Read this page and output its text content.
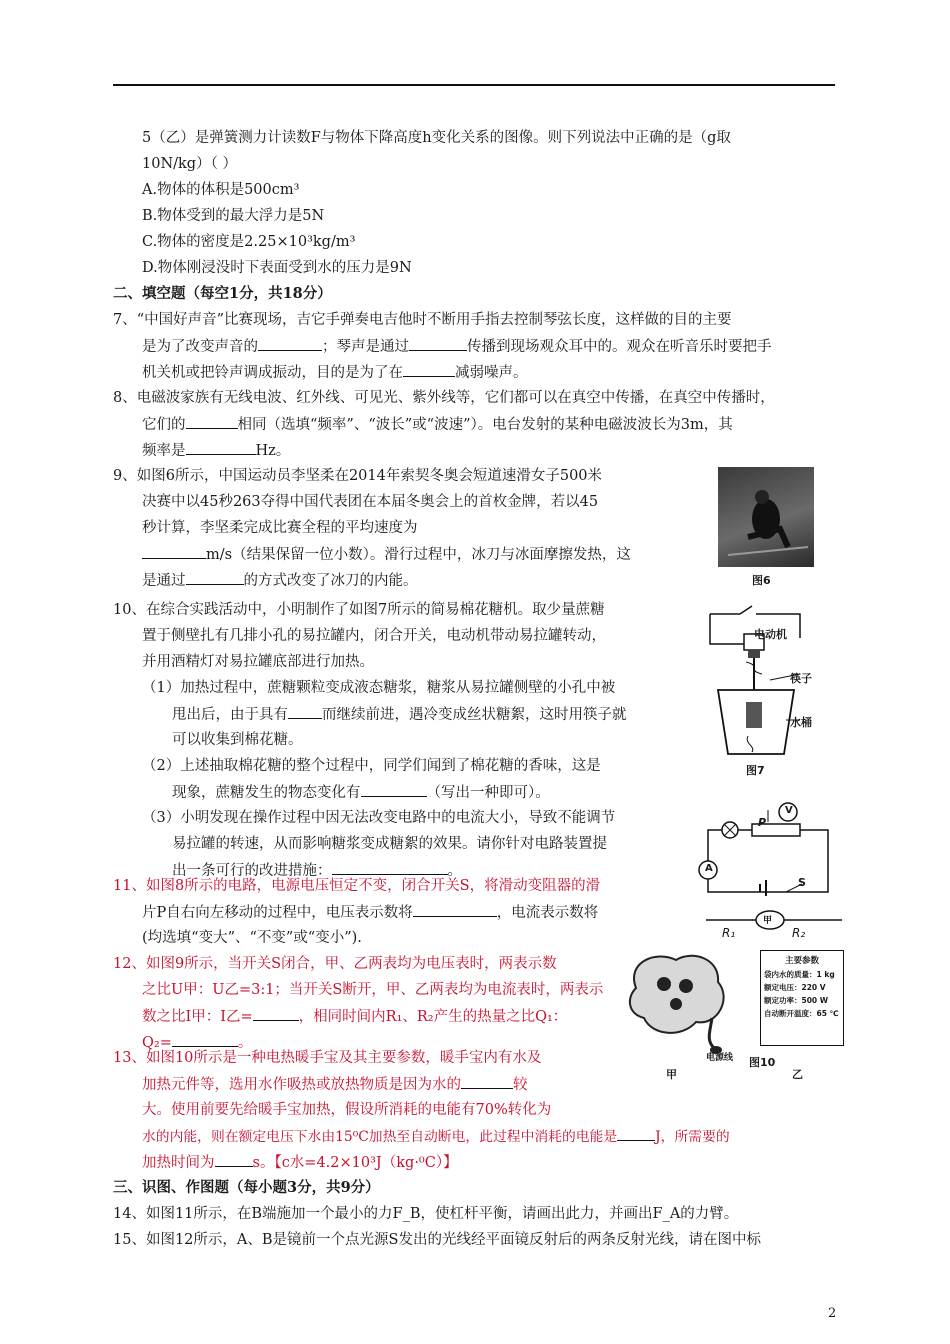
5（乙）是弹簧测力计读数F与物体下降高度h变化关系的图像。则下列说法中正确的是（g取
10N/kg）（ ）
A.物体的体积是500cm³
B.物体受到的最大浮力是5N
C.物体的密度是2.25×10³kg/m³
D.物体刚浸没时下表面受到水的压力是9N
二、填空题（每空1分，共18分）
7、“中国好声音”比赛现场，吉它手弹奏电吉他时不断用手指去控制琴弦长度，这样做的目的主要
是为了改变声音的	；琴声是通过	传播到现场观众耳中的。观众在听音乐时要把手
机关机或把铃声调成振动，目的是为了在	减弱噪声。
8、电磁波家族有无线电波、红外线、可见光、紫外线等，它们都可以在真空中传播，在真空中传播时，
它们的	相同（选填“频率”、“波长”或“波速”）。电台发射的某种电磁波波长为3m，其
频率是	Hz。
9、如图6所示，中国运动员李坚柔在2014年索契冬奥会短道速滑女子500米
决赛中以45秒263夺得中国代表团在本届冬奥会上的首枚金牌，若以45
秒计算，李坚柔完成比赛全程的平均速度为
m/s（结果保留一位小数）。滑行过程中，冰刀与冰面摩擦发热，这
是通过	的方式改变了冰刀的内能。	图6
10、在综合实践活动中，小明制作了如图7所示的简易棉花糖机。取少量蔗糖
置于侧壁扎有几排小孔的易拉罐内，闭合开关，电动机带动易拉罐转动，
并用酒精灯对易拉罐底部进行加热。
（1）加热过程中，蔗糖颗粒变成液态糖浆，糖浆从易拉罐侧壁的小孔中被
甩出后，由于具有 而继续前进，遇冷变成丝状糖絮，这时用筷子就
可以收集到棉花糖。
（2）上述抽取棉花糖的整个过程中，同学们闻到了棉花糖的香味，这是
现象，蔗糖发生的物态变化有	（写出一种即可）。
（3）小明发现在操作过程中因无法改变电路中的电流大小，导致不能调节
易拉罐的转速，从而影响糖浆变成糖絮的效果。请你针对电路装置提
出一条可行的改进措施：	。
电动机
筷子
水桶
图7
P
V
A
S
11、如图8所示的电路，电源电压恒定不变，闭合开关S，将滑动变阻器的滑
片P自右向左移动的过程中，电压表示数将	，电流表示数将
(均选填“变大”、“不变”或“变小”).
甲
R₁	R₂
12、如图9所示，当开关S闭合，甲、乙两表均为电压表时，两表示数
之比U甲：U乙=3:1；当开关S断开，甲、乙两表均为电流表时，两表示
数之比I甲：I乙=	，相同时间内R₁、R₂产生的热量之比Q₁：
Q₂=	。
电源线
甲
主要参数
袋内水的质量：1 kg
额定电压：220 V
额定功率：500 W
自动断开温度：65 ℃
图10
乙
13、如图10所示是一种电热暖手宝及其主要参数，暖手宝内有水及
加热元件等，选用水作吸热或放热物质是因为水的	较
大。使用前要先给暖手宝加热，假设所消耗的电能有70%转化为
水的内能，则在额定电压下水由15⁰C加热至自动断电，此过程中消耗的电能是	J，所需要的
加热时间为	s。【c水=4.2×10³J（kg·⁰C）】
三、识图、作图题（每小题3分，共9分）
14、如图11所示，在B端施加一个最小的力F_B，使杠杆平衡，请画出此力，并画出F_A的力臂。
15、如图12所示，A、B是镜前一个点光源S发出的光线经平面镜反射后的两条反射光线，请在图中标
2
